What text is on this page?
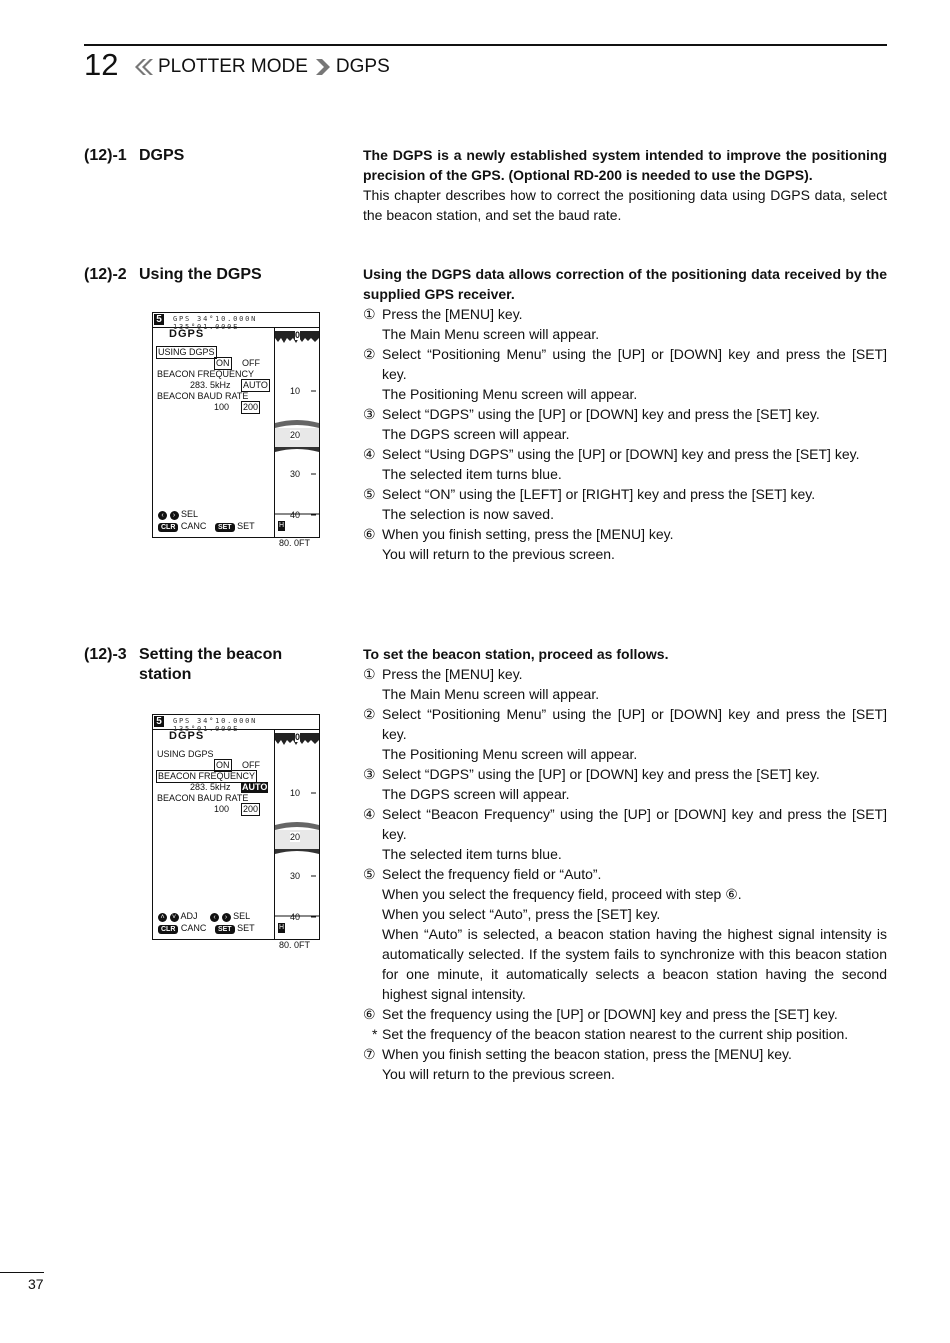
12 PLOTTER MODE DGPS
(12)-1 DGPS	The DGPS is a newly established system intended to improve the positioning precision of the GPS. (Optional RD-200 is needed to use the DGPS).

This chapter describes how to correct the positioning data using DGPS data, select the beacon station, and set the baud rate.

(12)-2 Using the DGPS	Using the DGPS data allows correction of the positioning data received by the supplied GPS receiver.

① Press the [MENU] key.

The Main Menu screen will appear.

② Select “Positioning Menu” using the [UP] or [DOWN] key and press the [SET] key.

The Positioning Menu screen will appear.

③ Select “DGPS” using the [UP] or [DOWN] key and press the [SET] key.

The DGPS screen will appear.

④ Select “Using DGPS” using the [UP] or [DOWN] key and press the [SET] key.

The selected item turns blue.

⑤ Select “ON” using the [LEFT] or [RIGHT] key and press the [SET] key.

The selection is now saved.

⑥ When you finish setting, press the [MENU] key.

You will return to the previous screen.

5	GPS 34°10.000N 135°01.000E
DGPS
USING DGPS
ON OFF
BEACON FREQUENCY
283. 5kHz AUTO
BEACON BAUD RATE
100 200
‹ › SEL
CLR CANC SET SET
0
10
20
30
40
H
80. 0FT
(12)-3 Setting the beacon
station

To set the beacon station, proceed as follows.

① Press the [MENU] key.

The Main Menu screen will appear.

② Select “Positioning Menu” using the [UP] or [DOWN] key and press the [SET] key.

The Positioning Menu screen will appear.

③ Select “DGPS” using the [UP] or [DOWN] key and press the [SET] key.

The DGPS screen will appear.

④ Select “Beacon Frequency” using the [UP] or [DOWN] key and press the [SET] key.

The selected item turns blue.

⑤ Select the frequency field or “Auto”.

When you select the frequency field, proceed with step ⑥.

When you select “Auto”, press the [SET] key.

When “Auto” is selected, a beacon station having the highest signal intensity is automatically selected. If the system fails to synchronize with this beacon station for one minute, it automatically selects a beacon station having the second highest signal intensity.

⑥ Set the frequency using the [UP] or [DOWN] key and press the [SET] key.

* Set the frequency of the beacon station nearest to the current ship position.

⑦ When you finish setting the beacon station, press the [MENU] key.

You will return to the previous screen.

5	GPS 34°10.000N 135°01.000E
DGPS
USING DGPS
ON OFF
BEACON FREQUENCY
283. 5kHz AUTO
BEACON BAUD RATE
100 200
˄ ˅ ADJ ‹ › SEL
CLR CANC SET SET
0
10
20
30
40
H
80. 0FT
37
